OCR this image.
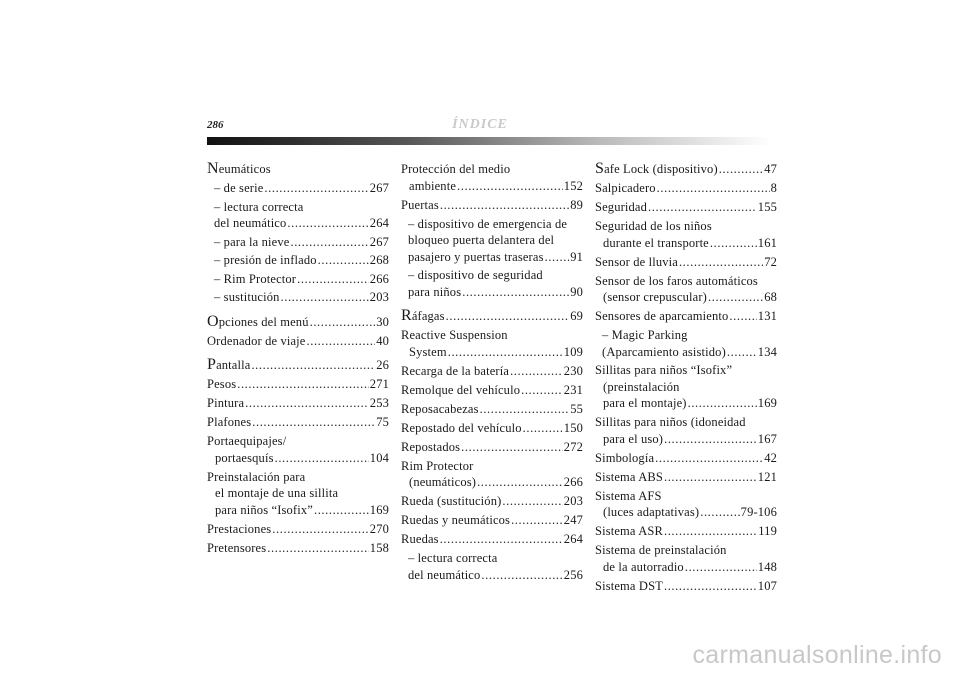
286	ÍNDICE
N eumáticos
– de serie .....	267
– lectura correcta
del neumático .....	264
– para la nieve .....	267
– presión de inflado .....	268
– Rim Protector .....	266
– sustitución .....	203
O pciones del menú .....	30
Ordenador de viaje .....	40
P antalla .....	26
Pesos .....	271
Pintura .....	253
Plafones .....	75
Portaequipajes/
portaesquís .....	104
Preinstalación para
el montaje de una sillita
para niños “Isofix” .....	169
Prestaciones .....	270
Pretensores .....	158
Protección del medio
ambiente .....	152
Puertas .....	89
– dispositivo de emergencia de
bloqueo puerta delantera del
pasajero y puertas traseras ..... 91
– dispositivo de seguridad
para niños .....	90
R áfagas .....	69
Reactive Suspension
System .....	109
Recarga de la batería .....	230
Remolque del vehículo .....	231
Reposacabezas .....	55
Repostado del vehículo .....	150
Repostados .....	272
Rim Protector
(neumáticos) .....	266
Rueda (sustitución) .....	203
Ruedas y neumáticos .....	247
Ruedas .....	264
– lectura correcta
del neumático .....	256
S afe Lock (dispositivo) .....	47
Salpicadero .....	8
Seguridad .....	155
Seguridad de los niños
durante el transporte .....	161
Sensor de lluvia .....	72
Sensor de los faros automáticos
(sensor crepuscular) .....	68
Sensores de aparcamiento ..... 131
– Magic Parking
(Aparcamiento asistido) .....	134
Sillitas para niños “Isofix”
(preinstalación
para el montaje) .....	169
Sillitas para niños (idoneidad
para el uso) .....	167
Simbología .....	42
Sistema ABS .....	121
Sistema AFS
(luces adaptativas) .....	79-106
Sistema ASR .....	119
Sistema de preinstalación
de la autorradio .....	148
Sistema DST .....	107
carmanualsonline.info
